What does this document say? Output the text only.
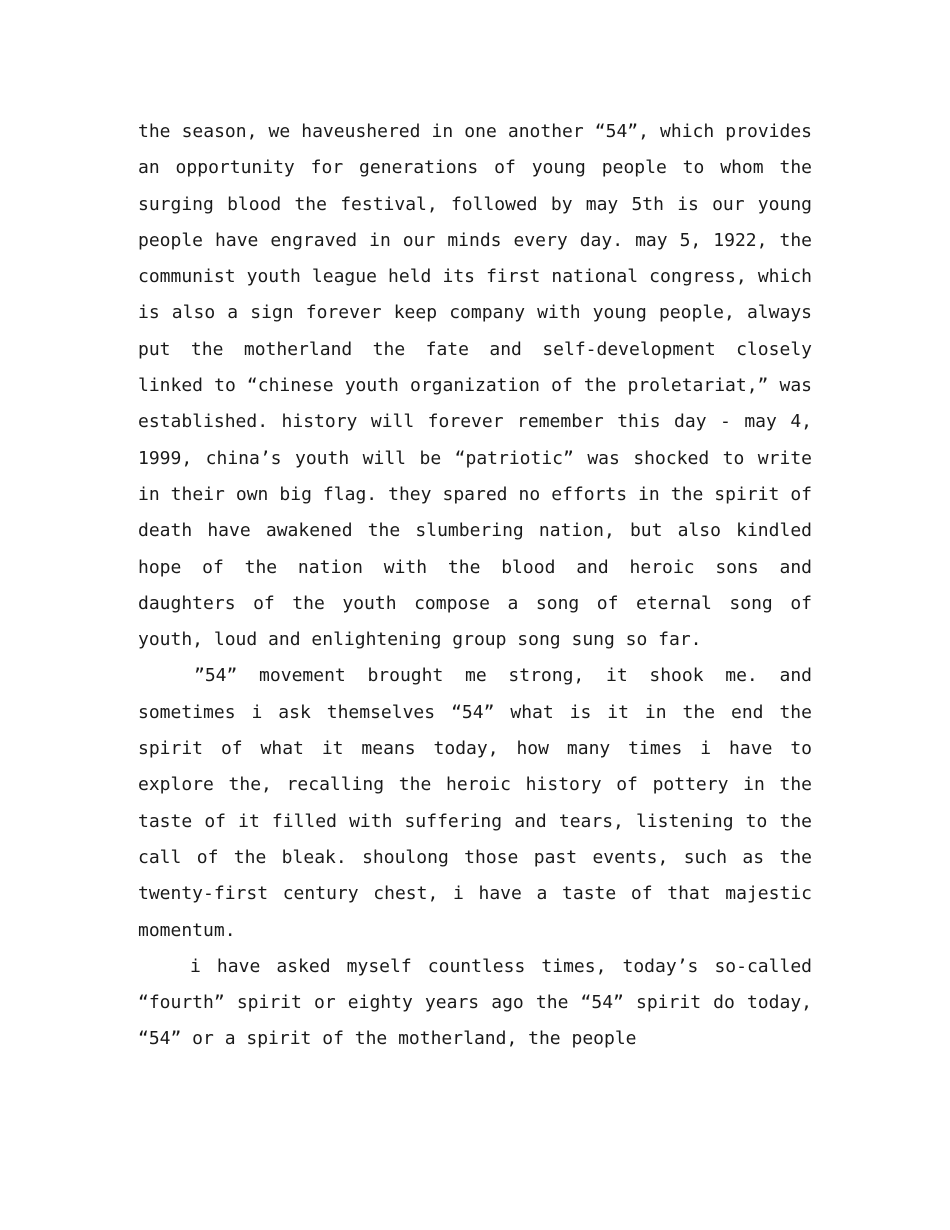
the season, we haveushered in one another “54”, which provides an opportunity for generations of young people to whom the surging blood the festival, followed by may 5th is our young people have engraved in our minds every day. may 5, 1922, the communist youth league held its first national congress, which is also a sign forever keep company with young people, always put the motherland the fate and self-development closely linked to “chinese youth organization of the proletariat,” was established. history will forever remember this day - may 4, 1999, china’s youth will be “patriotic” was shocked to write in their own big flag. they spared no efforts in the spirit of death have awakened the slumbering nation, but also kindled hope of the nation with the blood and heroic sons and daughters of the youth compose a song of eternal song of youth, loud and enlightening group song sung so far.

”54” movement brought me strong, it shook me. and sometimes i ask themselves “54” what is it in the end the spirit of what it means today, how many times i have to explore the, recalling the heroic history of pottery in the taste of it filled with suffering and tears, listening to the call of the bleak. shoulong those past events, such as the twenty-first century chest, i have a taste of that majestic momentum.

i have asked myself countless times, today’s so-called “fourth” spirit or eighty years ago the “54” spirit do today, “54” or a spirit of the motherland, the people
